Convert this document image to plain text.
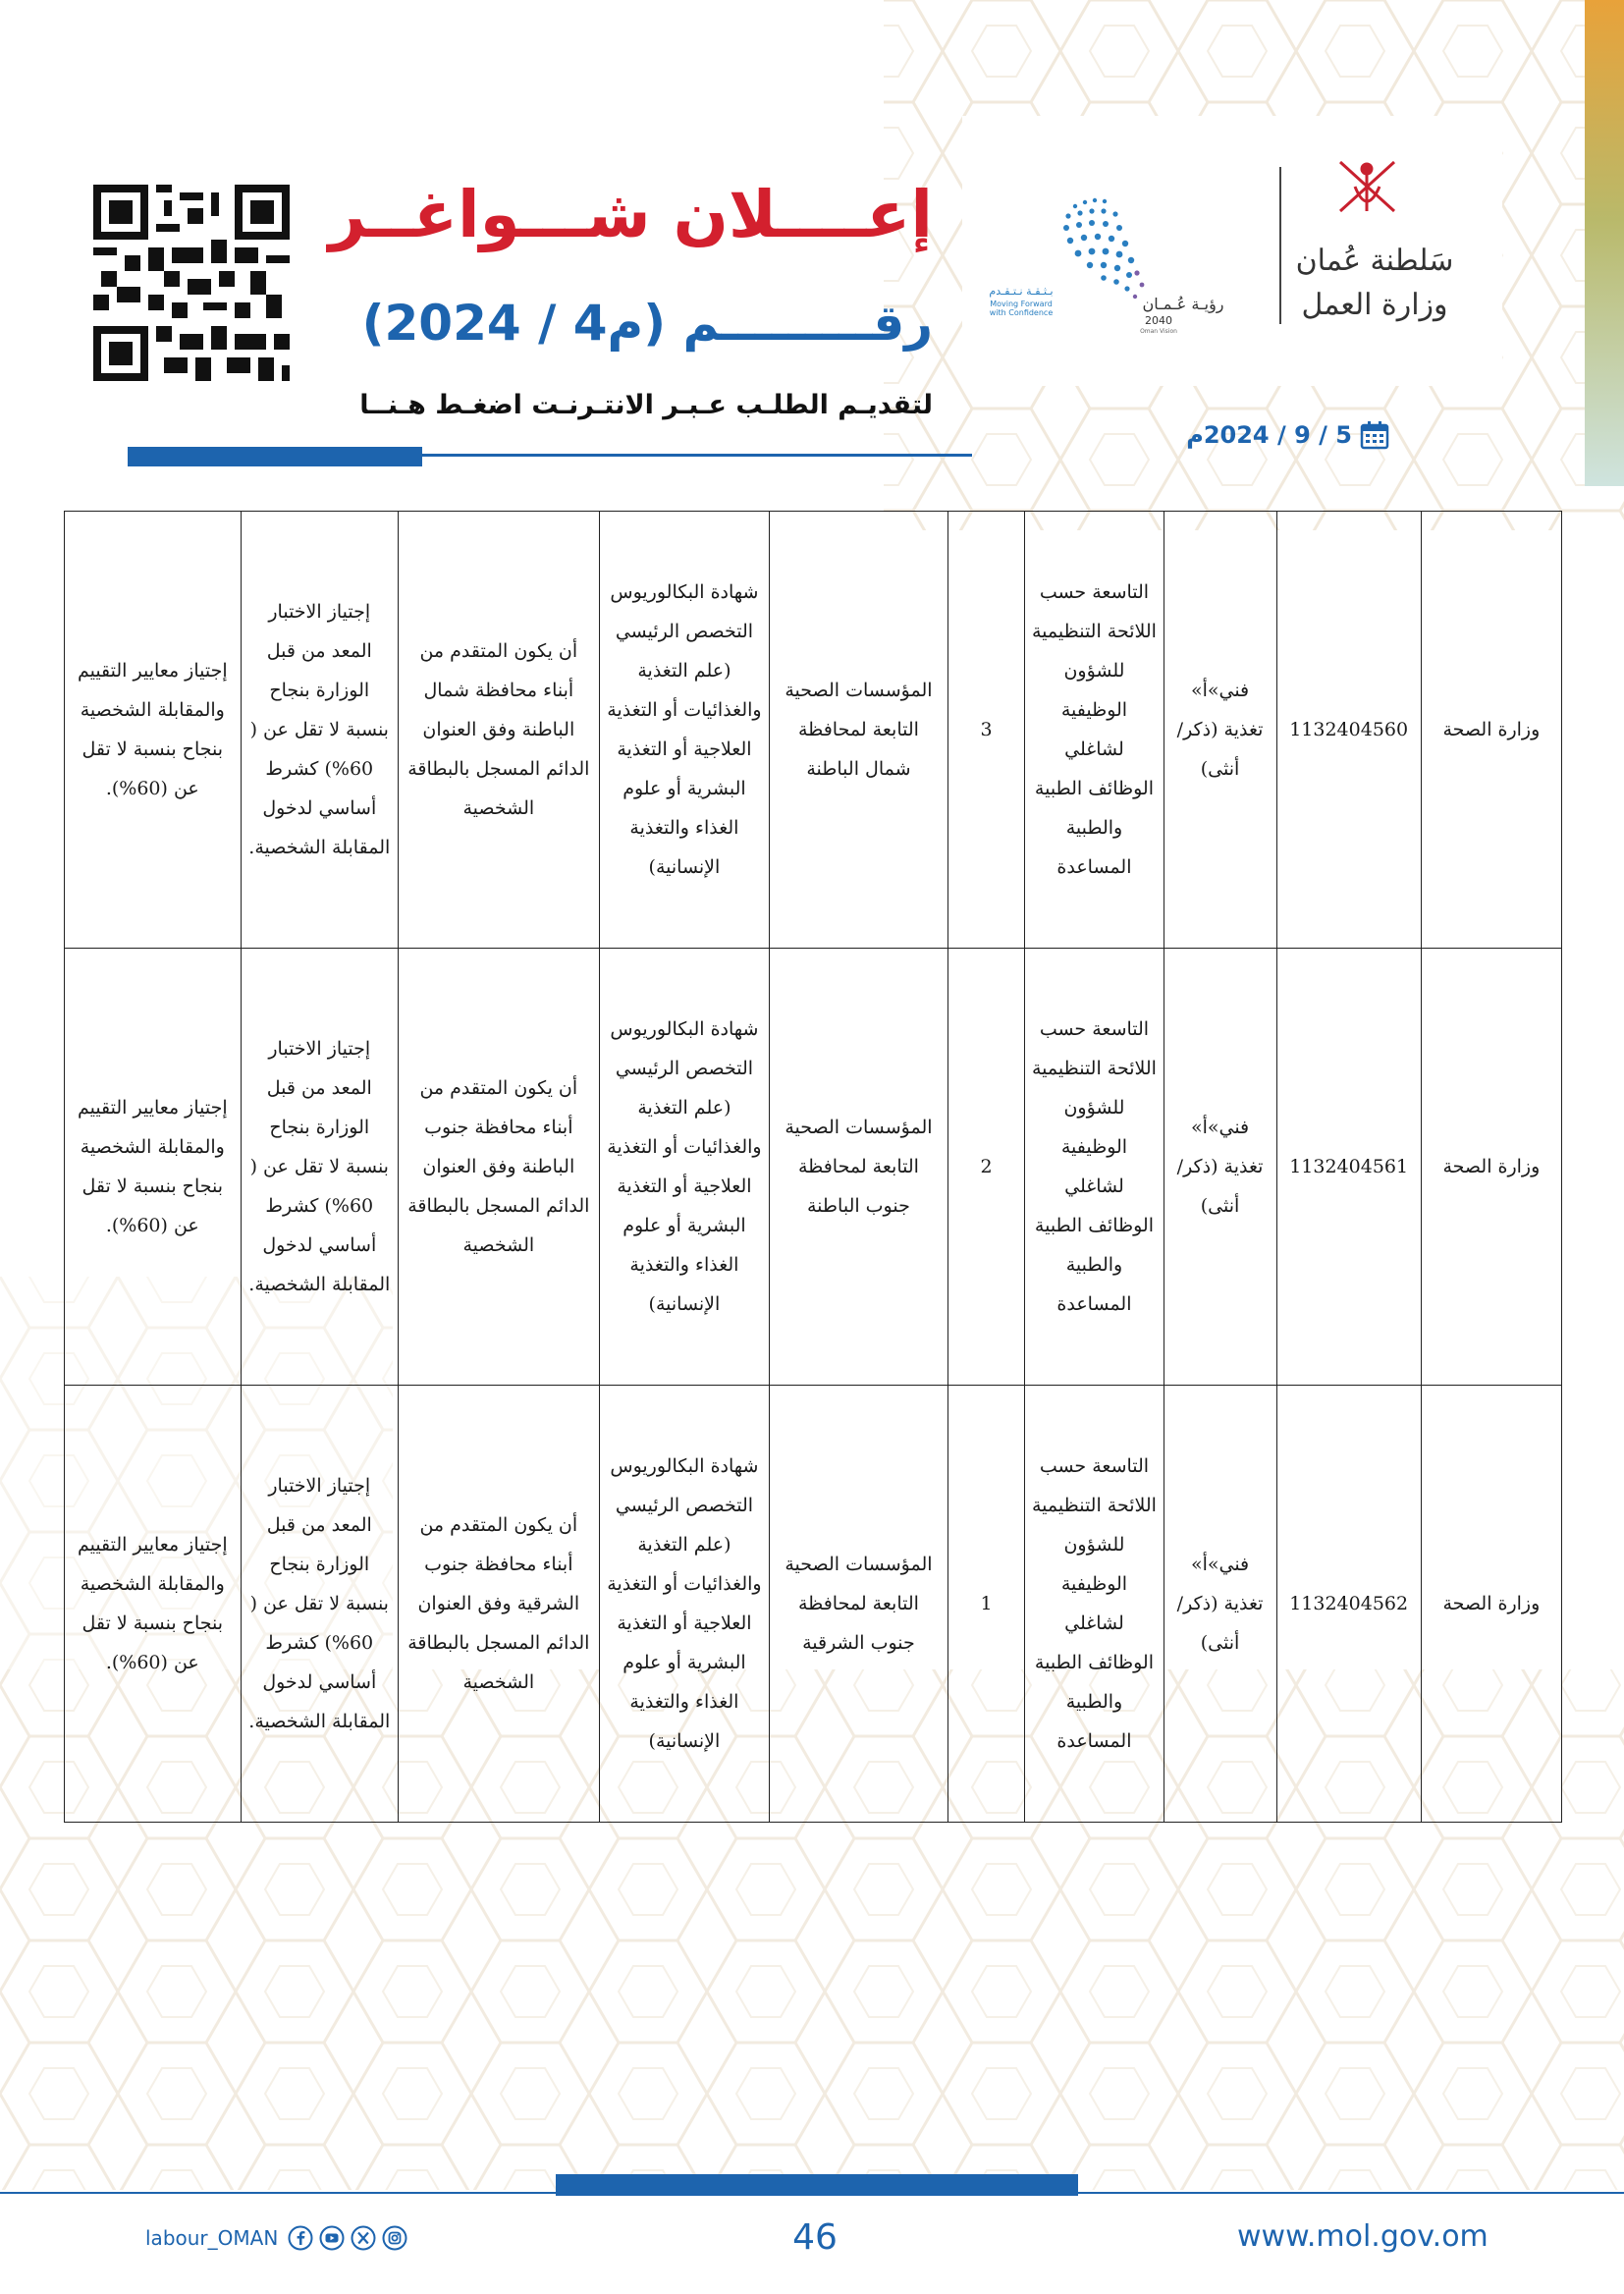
إعــــلان شـــواغــر
رقـــــــــم (م4 / 2024)
لتقديـم الطلـب عـبـر الانتـرنـت اضغـط هـنــا
5 / 9 / 2024م
رؤيـة عُـمـان
2040
Oman Vision
بـثـقـة نـتـقـدم
Moving Forward
with Confidence
سَلطنة عُمان
وزارة العمل
وزارة الصحة	1132404560	فني»أ» تغذية (ذكر/أنثى)	التاسعة حسب اللائحة التنظيمية للشؤون الوظيفية لشاغلي الوظائف الطبية والطبية المساعدة	3	المؤسسات الصحية التابعة لمحافظة شمال الباطنة	شهادة البكالوريوس التخصص الرئيسي (علم التغذية والغذائيات أو التغذية العلاجية أو التغذية البشرية أو علوم الغذاء والتغذية الإنسانية)	أن يكون المتقدم من أبناء محافظة شمال الباطنة وفق العنوان الدائم المسجل بالبطاقة الشخصية	إجتياز الاختبار المعد من قبل الوزارة بنجاح بنسبة لا تقل عن ( 60%) كشرط أساسي لدخول المقابلة الشخصية.	إجتياز معايير التقييم والمقابلة الشخصية بنجاح بنسبة لا تقل عن (60%).
وزارة الصحة	1132404561	فني»أ» تغذية (ذكر/أنثى)	التاسعة حسب اللائحة التنظيمية للشؤون الوظيفية لشاغلي الوظائف الطبية والطبية المساعدة	2	المؤسسات الصحية التابعة لمحافظة جنوب الباطنة	شهادة البكالوريوس التخصص الرئيسي (علم التغذية والغذائيات أو التغذية العلاجية أو التغذية البشرية أو علوم الغذاء والتغذية الإنسانية)	أن يكون المتقدم من أبناء محافظة جنوب الباطنة وفق العنوان الدائم المسجل بالبطاقة الشخصية	إجتياز الاختبار المعد من قبل الوزارة بنجاح بنسبة لا تقل عن ( 60%) كشرط أساسي لدخول المقابلة الشخصية.	إجتياز معايير التقييم والمقابلة الشخصية بنجاح بنسبة لا تقل عن (60%).
وزارة الصحة	1132404562	فني»أ» تغذية (ذكر/أنثى)	التاسعة حسب اللائحة التنظيمية للشؤون الوظيفية لشاغلي الوظائف الطبية والطبية المساعدة	1	المؤسسات الصحية التابعة لمحافظة جنوب الشرقية	شهادة البكالوريوس التخصص الرئيسي (علم التغذية والغذائيات أو التغذية العلاجية أو التغذية البشرية أو علوم الغذاء والتغذية الإنسانية)	أن يكون المتقدم من أبناء محافظة جنوب الشرقية وفق العنوان الدائم المسجل بالبطاقة الشخصية	إجتياز الاختبار المعد من قبل الوزارة بنجاح بنسبة لا تقل عن ( 60%) كشرط أساسي لدخول المقابلة الشخصية.	إجتياز معايير التقييم والمقابلة الشخصية بنجاح بنسبة لا تقل عن (60%).
46	www.mol.gov.om
labour_OMAN
